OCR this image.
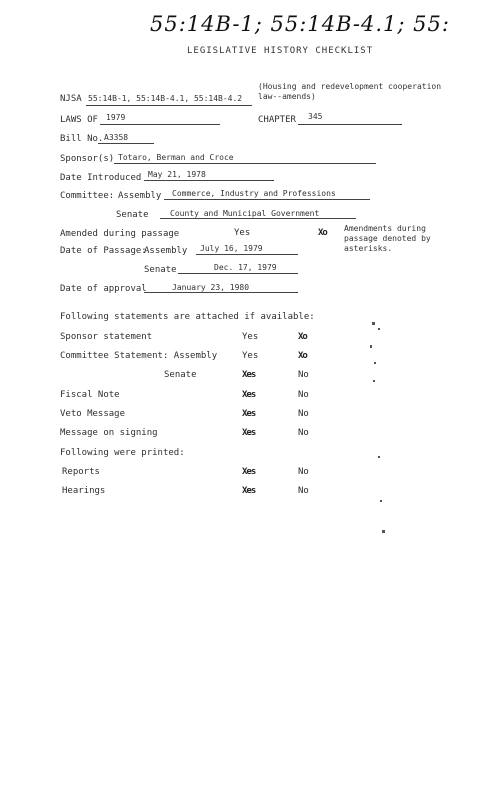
55:14B-1; 55:14B-4.1; 55:
LEGISLATIVE HISTORY CHECKLIST
NJSA 55:14B-1, 55:14B-4.1, 55:14B-4.2
(Housing and redevelopment cooperation law--amends)
LAWS OF 1979	CHAPTER 345
Bill No. A3358
Sponsor(s) Totaro, Berman and Croce
Date Introduced May 21, 1978
Committee: Assembly Commerce, Industry and Professions
Senate	County and Municipal Government
Amended during passage	Yes	Xo Amendments during passage denoted by asterisks.
Date of Passage:
Assembly July 16, 1979
Senate	Dec. 17, 1979
Date of approval	January 23, 1980
Following statements are attached if available:
Sponsor statement	Yes	Xo
Committee Statement: Assembly	Yes	Xo
Senate	Xes	No
Fiscal Note	Xes	No
Veto Message	Xes	No
Message on signing	Xes	No
Following were printed:
Reports	Xes	No
Hearings	Xes	No
